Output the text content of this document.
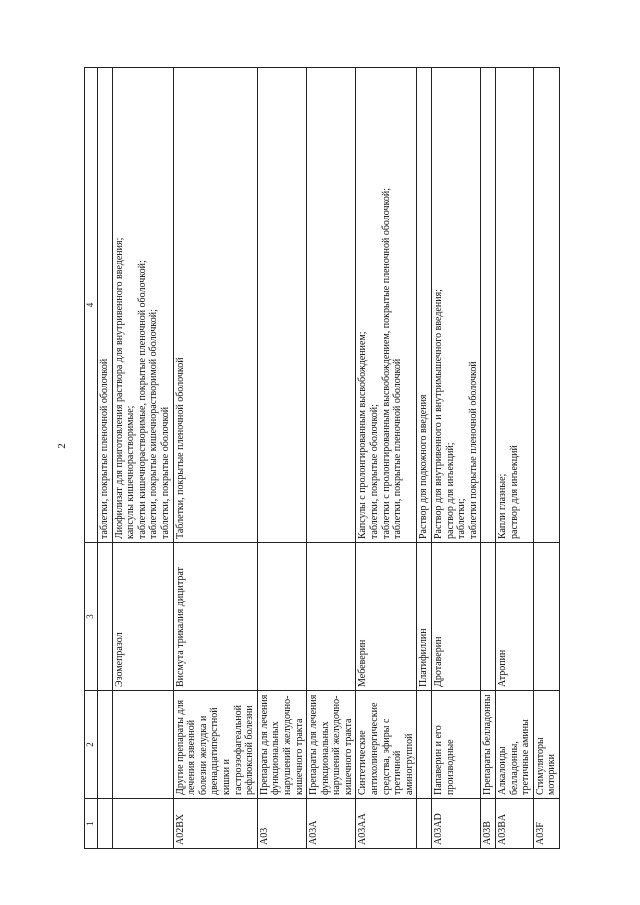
2
1	2	3	4

			таблетки, покрытые пленочной оболочкой

		Эзомепразол	Лиофилизат для приготовления раствора для внутривенного введения; капсулы кишечнорастворимые; таблетки кишечнорастворимые, покрытые пленочной оболочкой; таблетки, покрытые кишечнорастворимой оболочкой; таблетки, покрытые оболочкой

A02BX	Другие препараты для лечения язвенной болезни желудка и двенадцатиперстной кишки и гастроэзофагеальной рефлюксной болезни	Висмута трикалия дицитрат	Таблетки, покрытые пленочной оболочкой

A03	Препараты для лечения функциональных нарушений желудочно-кишечного тракта		
A03A	Препараты для лечения функциональных нарушений желудочно-кишечного тракта		
A03AA	Синтетические антихолинергические средства, эфиры с третичной аминогруппой	Мебеверин	Капсулы с пролонгированным высвобождением; таблетки, покрытые оболочкой; таблетки с пролонгированным высвобождением, покрытые пленочной оболочкой; таблетки, покрытые пленочной оболочкой

		Платифиллин	Раствор для подкожного введения

A03AD	Папаверин и его производные	Дротаверин	Раствор для внутривенного и внутримышечного введения; раствор для инъекций; таблетки; таблетки покрытые пленочной оболочкой

A03B	Препараты белладонны		
A03BA	Алкалоиды белладонны, третичные амины	Атропин	Капли глазные; раствор для инъекций

A03F	Стимуляторы моторики		
